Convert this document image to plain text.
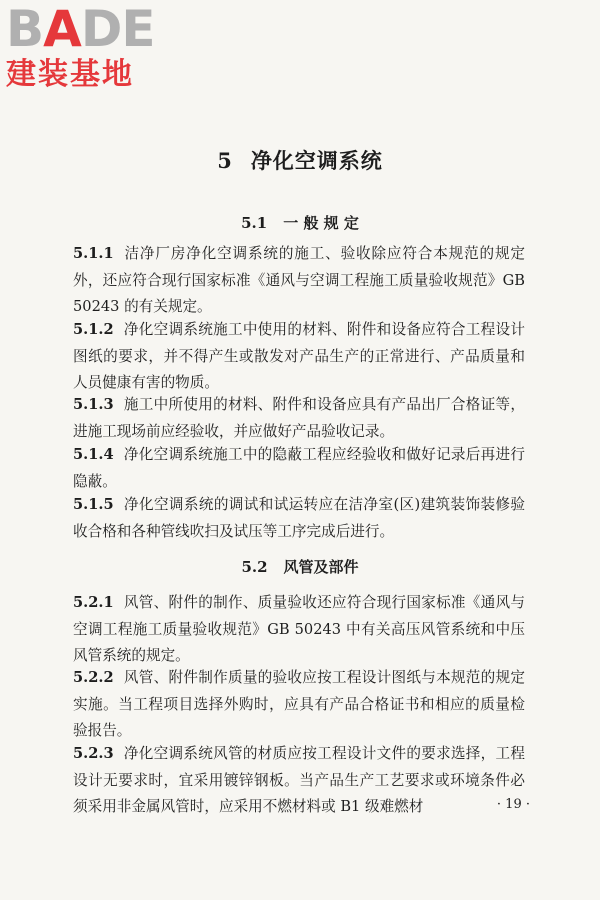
BADE
建装基地
5 净化空调系统
5.1 一 般 规 定
5.1.1 洁净厂房净化空调系统的施工、验收除应符合本规范的规定外，还应符合现行国家标准《通风与空调工程施工质量验收规范》GB 50243 的有关规定。
5.1.2 净化空调系统施工中使用的材料、附件和设备应符合工程设计图纸的要求，并不得产生或散发对产品生产的正常进行、产品质量和人员健康有害的物质。
5.1.3 施工中所使用的材料、附件和设备应具有产品出厂合格证等，进施工现场前应经验收，并应做好产品验收记录。
5.1.4 净化空调系统施工中的隐蔽工程应经验收和做好记录后再进行隐蔽。
5.1.5 净化空调系统的调试和试运转应在洁净室(区)建筑装饰装修验收合格和各种管线吹扫及试压等工序完成后进行。
5.2 风管及部件
5.2.1 风管、附件的制作、质量验收还应符合现行国家标准《通风与空调工程施工质量验收规范》GB 50243 中有关高压风管系统和中压风管系统的规定。
5.2.2 风管、附件制作质量的验收应按工程设计图纸与本规范的规定实施。当工程项目选择外购时，应具有产品合格证书和相应的质量检验报告。
5.2.3 净化空调系统风管的材质应按工程设计文件的要求选择，工程设计无要求时，宜采用镀锌钢板。当产品生产工艺要求或环境条件必须采用非金属风管时，应采用不燃材料或 B1 级难燃材	· 19 ·
